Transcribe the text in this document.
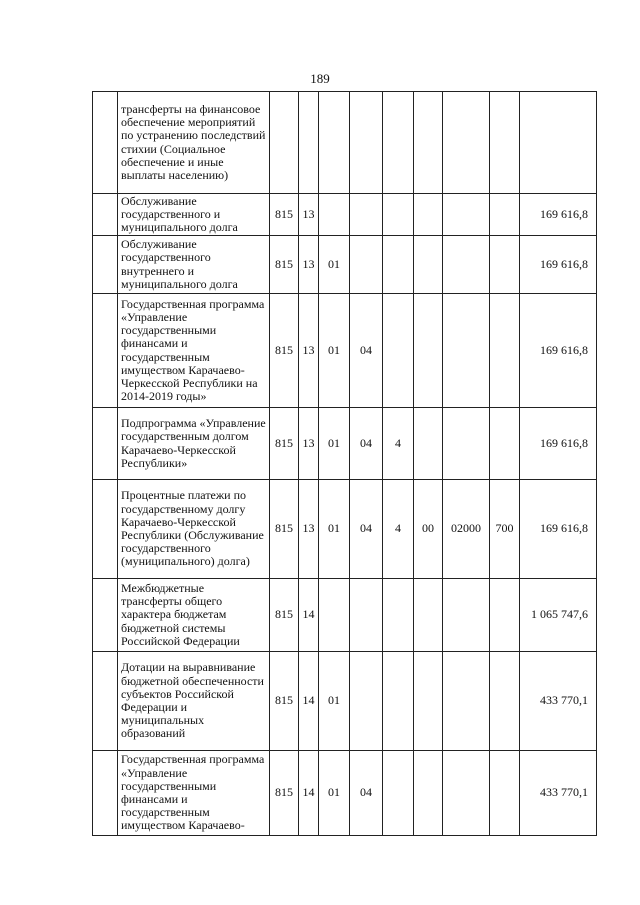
189
	трансферты на финансовое обеспечение мероприятий по устранению последствий стихии (Социальное обеспечение и иные выплаты населению)									
	Обслуживание государственного и муниципального долга	815	13							169 616,8
	Обслуживание государственного внутреннего и муниципального долга	815	13	01						169 616,8
	Государственная программа «Управление государственными финансами и государственным имуществом Карачаево-Черкесской Республики на 2014-2019 годы»	815	13	01	04					169 616,8
	Подпрограмма «Управление государственным долгом Карачаево-Черкесской Республики»	815	13	01	04	4				169 616,8
	Процентные платежи по государственному долгу Карачаево-Черкесской Республики (Обслуживание государственного (муниципального) долга)	815	13	01	04	4	00	02000	700	169 616,8
	Межбюджетные трансферты общего характера бюджетам бюджетной системы Российской Федерации	815	14							1 065 747,6
	Дотации на выравнивание бюджетной обеспеченности субъектов Российской Федерации и муниципальных образований	815	14	01						433 770,1
	Государственная программа «Управление государственными финансами и государственным имуществом Карачаево-	815	14	01	04					433 770,1
